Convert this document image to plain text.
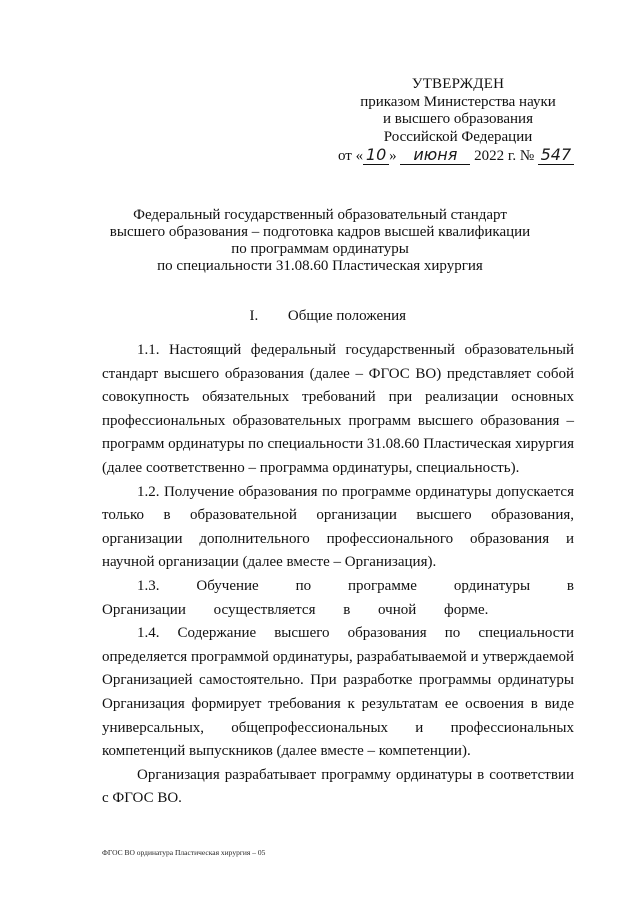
УТВЕРЖДЕН
приказом Министерства науки
и высшего образования
Российской Федерации
от « 10 » июня 2022 г. № 547
Федеральный государственный образовательный стандарт
высшего образования – подготовка кадров высшей квалификации
по программам ординатуры
по специальности 31.08.60 Пластическая хирургия
I. Общие положения

1.1. Настоящий федеральный государственный образовательный стандарт высшего образования (далее – ФГОС ВО) представляет собой совокупность обязательных требований при реализации основных профессиональных образовательных программ высшего образования – программ ординатуры по специальности 31.08.60 Пластическая хирургия (далее соответственно – программа ординатуры, специальность).

1.2. Получение образования по программе ординатуры допускается только в образовательной организации высшего образования, организации дополнительного профессионального образования и научной организации (далее вместе – Организация).

1.3. Обучение по программе ординатуры в Организации осуществляется в очной форме.

1.4. Содержание высшего образования по специальности определяется программой ординатуры, разрабатываемой и утверждаемой Организацией самостоятельно. При разработке программы ординатуры Организация формирует требования к результатам ее освоения в виде универсальных, общепрофессиональных и профессиональных компетенций выпускников (далее вместе – компетенции).

Организация разрабатывает программу ординатуры в соответствии с ФГОС ВО.

ФГОС ВО ординатура Пластическая хирургия – 05
